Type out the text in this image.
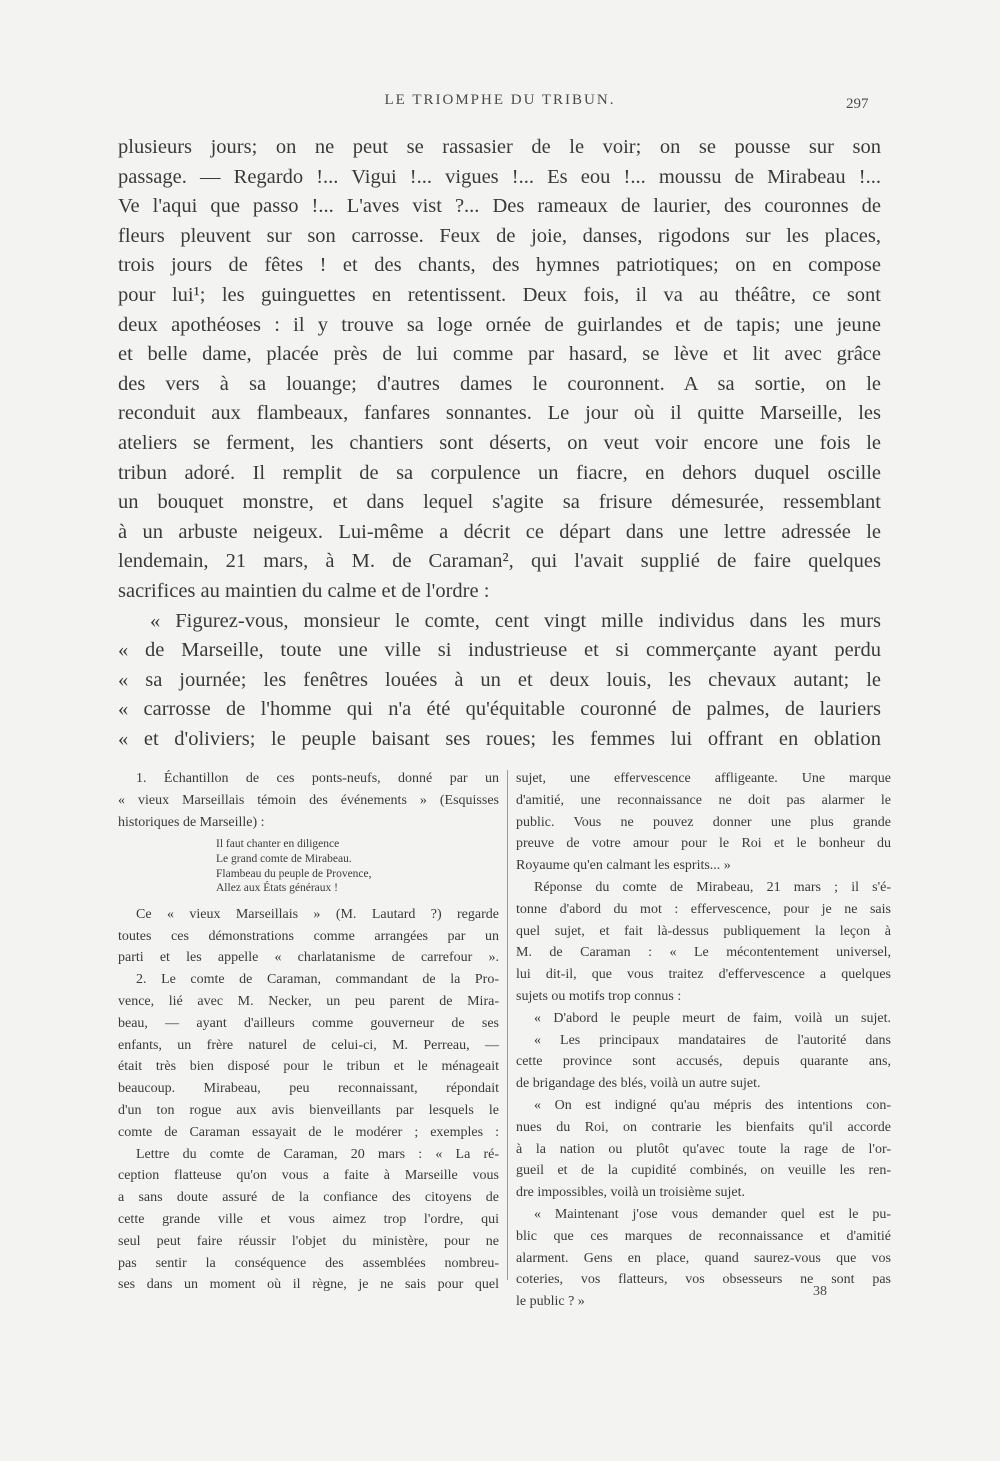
LE TRIOMPHE DU TRIBUN.	297
plusieurs jours; on ne peut se rassasier de le voir; on se pousse sur son
passage. — Regardo !... Vigui !... vigues !... Es eou !... moussu de Mirabeau !...
Ve l'aqui que passo !... L'aves vist ?... Des rameaux de laurier, des couronnes de
fleurs pleuvent sur son carrosse. Feux de joie, danses, rigodons sur les places,
trois jours de fêtes ! et des chants, des hymnes patriotiques; on en compose
pour lui¹; les guinguettes en retentissent. Deux fois, il va au théâtre, ce sont
deux apothéoses : il y trouve sa loge ornée de guirlandes et de tapis; une jeune
et belle dame, placée près de lui comme par hasard, se lève et lit avec grâce
des vers à sa louange; d'autres dames le couronnent. A sa sortie, on le
reconduit aux flambeaux, fanfares sonnantes. Le jour où il quitte Marseille, les
ateliers se ferment, les chantiers sont déserts, on veut voir encore une fois le
tribun adoré. Il remplit de sa corpulence un fiacre, en dehors duquel oscille
un bouquet monstre, et dans lequel s'agite sa frisure démesurée, ressemblant
à un arbuste neigeux. Lui-même a décrit ce départ dans une lettre adressée le
lendemain, 21 mars, à M. de Caraman², qui l'avait supplié de faire quelques
sacrifices au maintien du calme et de l'ordre :
« Figurez-vous, monsieur le comte, cent vingt mille individus dans les murs
« de Marseille, toute une ville si industrieuse et si commerçante ayant perdu
« sa journée; les fenêtres louées à un et deux louis, les chevaux autant; le
« carrosse de l'homme qui n'a été qu'équitable couronné de palmes, de lauriers
« et d'oliviers; le peuple baisant ses roues; les femmes lui offrant en oblation
1. Échantillon de ces ponts-neufs, donné par un
« vieux Marseillais témoin des événements » (Esquisses
historiques de Marseille) :
Il faut chanter en diligence
Le grand comte de Mirabeau.
Flambeau du peuple de Provence,
Allez aux États généraux !
Ce « vieux Marseillais » (M. Lautard ?) regarde
toutes ces démonstrations comme arrangées par un
parti et les appelle « charlatanisme de carrefour ».
2. Le comte de Caraman, commandant de la Pro-
vence, lié avec M. Necker, un peu parent de Mira-
beau, — ayant d'ailleurs comme gouverneur de ses
enfants, un frère naturel de celui-ci, M. Perreau, —
était très bien disposé pour le tribun et le ménageait
beaucoup. Mirabeau, peu reconnaissant, répondait
d'un ton rogue aux avis bienveillants par lesquels le
comte de Caraman essayait de le modérer ; exemples :
Lettre du comte de Caraman, 20 mars : « La ré-
ception flatteuse qu'on vous a faite à Marseille vous
a sans doute assuré de la confiance des citoyens de
cette grande ville et vous aimez trop l'ordre, qui
seul peut faire réussir l'objet du ministère, pour ne
pas sentir la conséquence des assemblées nombreu-
ses dans un moment où il règne, je ne sais pour quel
sujet, une effervescence affligeante. Une marque
d'amitié, une reconnaissance ne doit pas alarmer le
public. Vous ne pouvez donner une plus grande
preuve de votre amour pour le Roi et le bonheur du
Royaume qu'en calmant les esprits... »
Réponse du comte de Mirabeau, 21 mars ; il s'é-
tonne d'abord du mot : effervescence, pour je ne sais
quel sujet, et fait là-dessus publiquement la leçon à
M. de Caraman : « Le mécontentement universel,
lui dit-il, que vous traitez d'effervescence a quelques
sujets ou motifs trop connus :
« D'abord le peuple meurt de faim, voilà un sujet.
« Les principaux mandataires de l'autorité dans
cette province sont accusés, depuis quarante ans,
de brigandage des blés, voilà un autre sujet.
« On est indigné qu'au mépris des intentions con-
nues du Roi, on contrarie les bienfaits qu'il accorde
à la nation ou plutôt qu'avec toute la rage de l'or-
gueil et de la cupidité combinés, on veuille les ren-
dre impossibles, voilà un troisième sujet.
« Maintenant j'ose vous demander quel est le pu-
blic que ces marques de reconnaissance et d'amitié
alarment. Gens en place, quand saurez-vous que vos
coteries, vos flatteurs, vos obsesseurs ne sont pas
le public ? »
38
